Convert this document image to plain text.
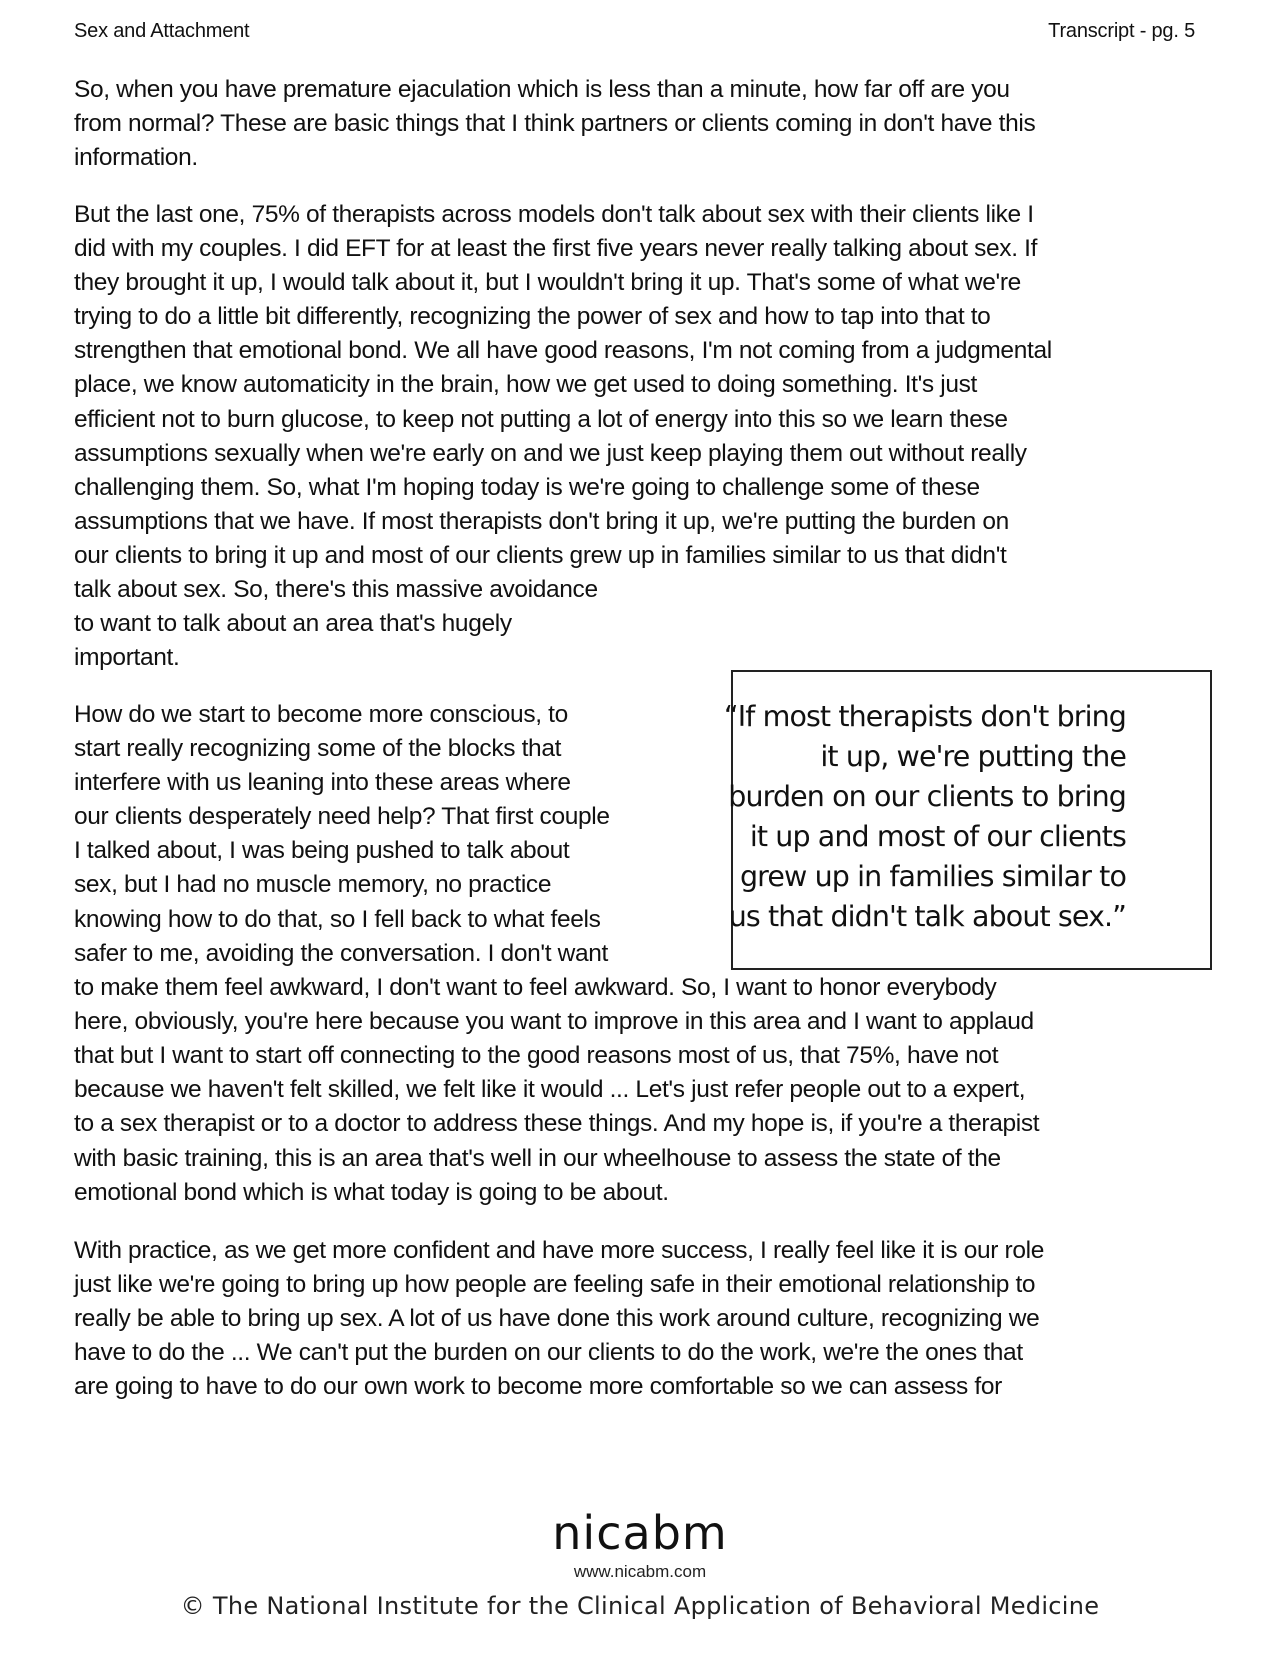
Sex and Attachment	Transcript - pg. 5
So, when you have premature ejaculation which is less than a minute, how far off are you
from normal? These are basic things that I think partners or clients coming in don't have this
information.
But the last one, 75% of therapists across models don't talk about sex with their clients like I
did with my couples. I did EFT for at least the first five years never really talking about sex. If
they brought it up, I would talk about it, but I wouldn't bring it up. That's some of what we're
trying to do a little bit differently, recognizing the power of sex and how to tap into that to
strengthen that emotional bond. We all have good reasons, I'm not coming from a judgmental
place, we know automaticity in the brain, how we get used to doing something. It's just
efficient not to burn glucose, to keep not putting a lot of energy into this so we learn these
assumptions sexually when we're early on and we just keep playing them out without really
challenging them. So, what I'm hoping today is we're going to challenge some of these
assumptions that we have. If most therapists don't bring it up, we're putting the burden on
our clients to bring it up and most of our clients grew up in families similar to us that didn't
talk about sex. So, there's this massive avoidance
to want to talk about an area that's hugely
important.
How do we start to become more conscious, to
start really recognizing some of the blocks that
interfere with us leaning into these areas where
our clients desperately need help? That first couple
I talked about, I was being pushed to talk about
sex, but I had no muscle memory, no practice
knowing how to do that, so I fell back to what feels
safer to me, avoiding the conversation. I don't want
to make them feel awkward, I don't want to feel awkward. So, I want to honor everybody
here, obviously, you're here because you want to improve in this area and I want to applaud
that but I want to start off connecting to the good reasons most of us, that 75%, have not
because we haven't felt skilled, we felt like it would ... Let's just refer people out to a expert,
to a sex therapist or to a doctor to address these things. And my hope is, if you're a therapist
with basic training, this is an area that's well in our wheelhouse to assess the state of the
emotional bond which is what today is going to be about.
With practice, as we get more confident and have more success, I really feel like it is our role
just like we're going to bring up how people are feeling safe in their emotional relationship to
really be able to bring up sex. A lot of us have done this work around culture, recognizing we
have to do the ... We can't put the burden on our clients to do the work, we're the ones that
are going to have to do our own work to become more comfortable so we can assess for
“If most therapists don't bring
it up, we're putting the
burden on our clients to bring
it up and most of our clients
grew up in families similar to
us that didn't talk about sex.”
nicabm
www.nicabm.com
© The National Institute for the Clinical Application of Behavioral Medicine
